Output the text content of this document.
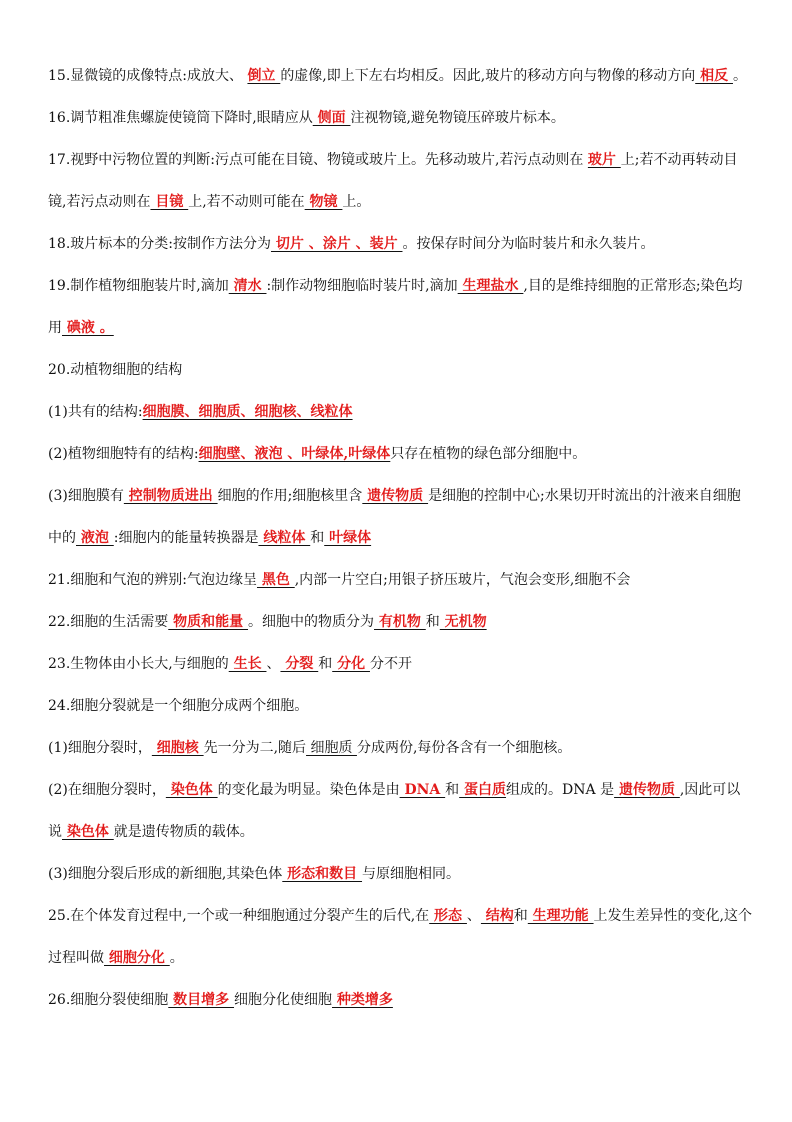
15.显微镜的成像特点:成放大、 倒立 的虚像,即上下左右均相反。因此,玻片的移动方向与物像的移动方向 相反 。

16.调节粗准焦螺旋使镜筒下降时,眼睛应从 侧面 注视物镜,避免物镜压碎玻片标本。

17.视野中污物位置的判断:污点可能在目镜、物镜或玻片上。先移动玻片,若污点动则在 玻片 上;若不动再转动目镜,若污点动则在 目镜 上,若不动则可能在 物镜 上。

18.玻片标本的分类:按制作方法分为 切片 、涂片 、装片 。按保存时间分为临时装片和永久装片。

19.制作植物细胞装片时,滴加 清水 :制作动物细胞临时装片时,滴加 生理盐水 ,目的是维持细胞的正常形态;染色均用 碘液 。

20.动植物细胞的结构

(1)共有的结构:细胞膜、细胞质、细胞核、线粒体

(2)植物细胞特有的结构:细胞壁、液泡 、叶绿体,叶绿体只存在植物的绿色部分细胞中。

(3)细胞膜有 控制物质进出 细胞的作用;细胞核里含 遗传物质 是细胞的控制中心;水果切开时流出的汁液来自细胞中的 液泡 :细胞内的能量转换器是 线粒体 和 叶绿体

21.细胞和气泡的辨别:气泡边缘呈 黑色 ,内部一片空白;用银子挤压玻片，气泡会变形,细胞不会

22.细胞的生活需要 物质和能量 。细胞中的物质分为 有机物 和 无机物

23.生物体由小长大,与细胞的 生长 、 分裂 和 分化 分不开

24.细胞分裂就是一个细胞分成两个细胞。

(1)细胞分裂时， 细胞核 先一分为二,随后 细胞质 分成两份,每份各含有一个细胞核。

(2)在细胞分裂时， 染色体 的变化最为明显。染色体是由 DNA 和 蛋白质组成的。DNA 是 遗传物质 ,因此可以说 染色体 就是遗传物质的载体。

(3)细胞分裂后形成的新细胞,其染色体 形态和数目 与原细胞相同。

25.在个体发育过程中,一个或一种细胞通过分裂产生的后代,在 形态 、 结构和 生理功能 上发生差异性的变化,这个过程叫做 细胞分化 。

26.细胞分裂使细胞 数目增多 细胞分化使细胞 种类增多
